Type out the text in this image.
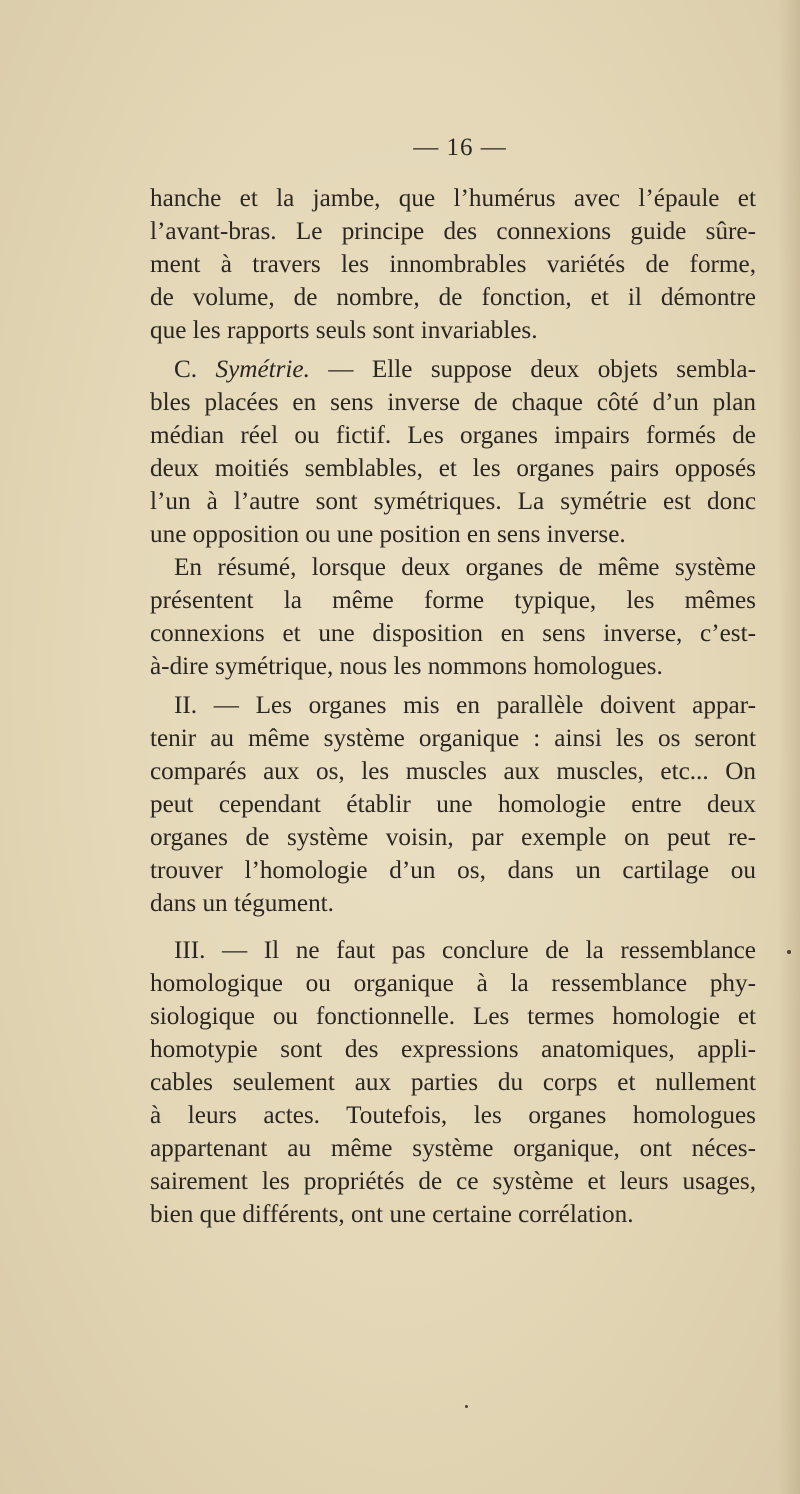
— 16 —

hanche et la jambe, que l’humérus avec l’épaule et
l’avant-bras. Le principe des connexions guide sûre-
ment à travers les innombrables variétés de forme,
de volume, de nombre, de fonction, et il démontre
que les rapports seuls sont invariables.

C. Symétrie. — Elle suppose deux objets sembla-
bles placées en sens inverse de chaque côté d’un plan
médian réel ou fictif. Les organes impairs formés de
deux moitiés semblables, et les organes pairs opposés
l’un à l’autre sont symétriques. La symétrie est donc
une opposition ou une position en sens inverse.

En résumé, lorsque deux organes de même système
présentent la même forme typique, les mêmes
connexions et une disposition en sens inverse, c’est-
à-dire symétrique, nous les nommons homologues.

II. — Les organes mis en parallèle doivent appar-
tenir au même système organique : ainsi les os seront
comparés aux os, les muscles aux muscles, etc... On
peut cependant établir une homologie entre deux
organes de système voisin, par exemple on peut re-
trouver l’homologie d’un os, dans un cartilage ou
dans un tégument.

III. — Il ne faut pas conclure de la ressemblance
homologique ou organique à la ressemblance phy-
siologique ou fonctionnelle. Les termes homologie et
homotypie sont des expressions anatomiques, appli-
cables seulement aux parties du corps et nullement
à leurs actes. Toutefois, les organes homologues
appartenant au même système organique, ont néces-
sairement les propriétés de ce système et leurs usages,
bien que différents, ont une certaine corrélation.
